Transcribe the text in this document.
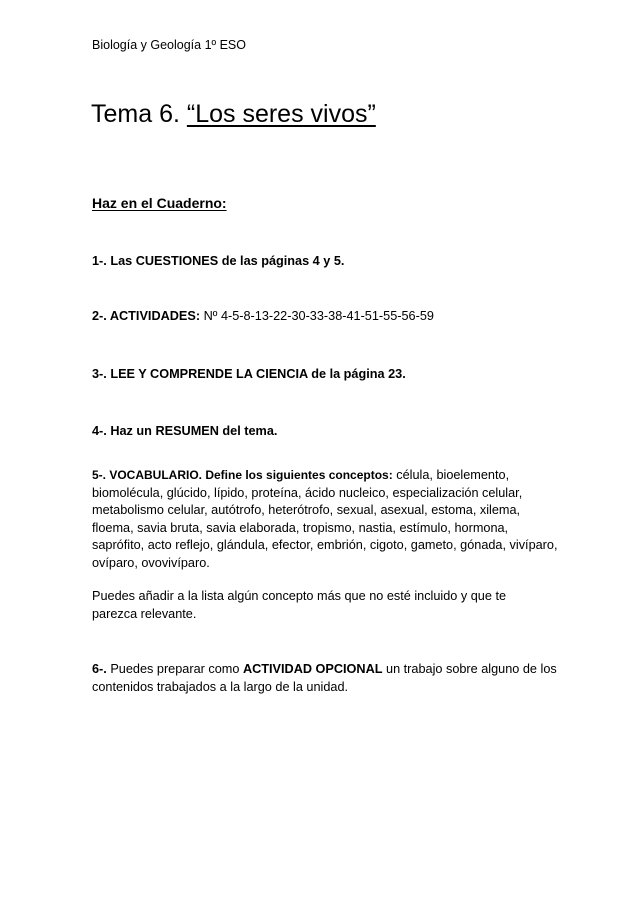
Biología y Geología 1º ESO
Tema 6. “Los seres vivos”
Haz en el Cuaderno:
1-. Las CUESTIONES de las páginas 4 y 5.
2-. ACTIVIDADES: Nº 4-5-8-13-22-30-33-38-41-51-55-56-59
3-. LEE Y COMPRENDE LA CIENCIA de la página 23.
4-. Haz un RESUMEN del tema.
5-. VOCABULARIO. Define los siguientes conceptos: célula, bioelemento, biomolécula, glúcido, lípido, proteína, ácido nucleico, especialización celular, metabolismo celular, autótrofo, heterótrofo, sexual, asexual, estoma, xilema, floema, savia bruta, savia elaborada, tropismo, nastia, estímulo, hormona, saprófito, acto reflejo, glándula, efector, embrión, cigoto, gameto, gónada, vivíparo, ovíparo, ovovivíparo.
Puedes añadir a la lista algún concepto más que no esté incluido y que te parezca relevante.
6-. Puedes preparar como ACTIVIDAD OPCIONAL un trabajo sobre alguno de los contenidos trabajados a la largo de la unidad.
